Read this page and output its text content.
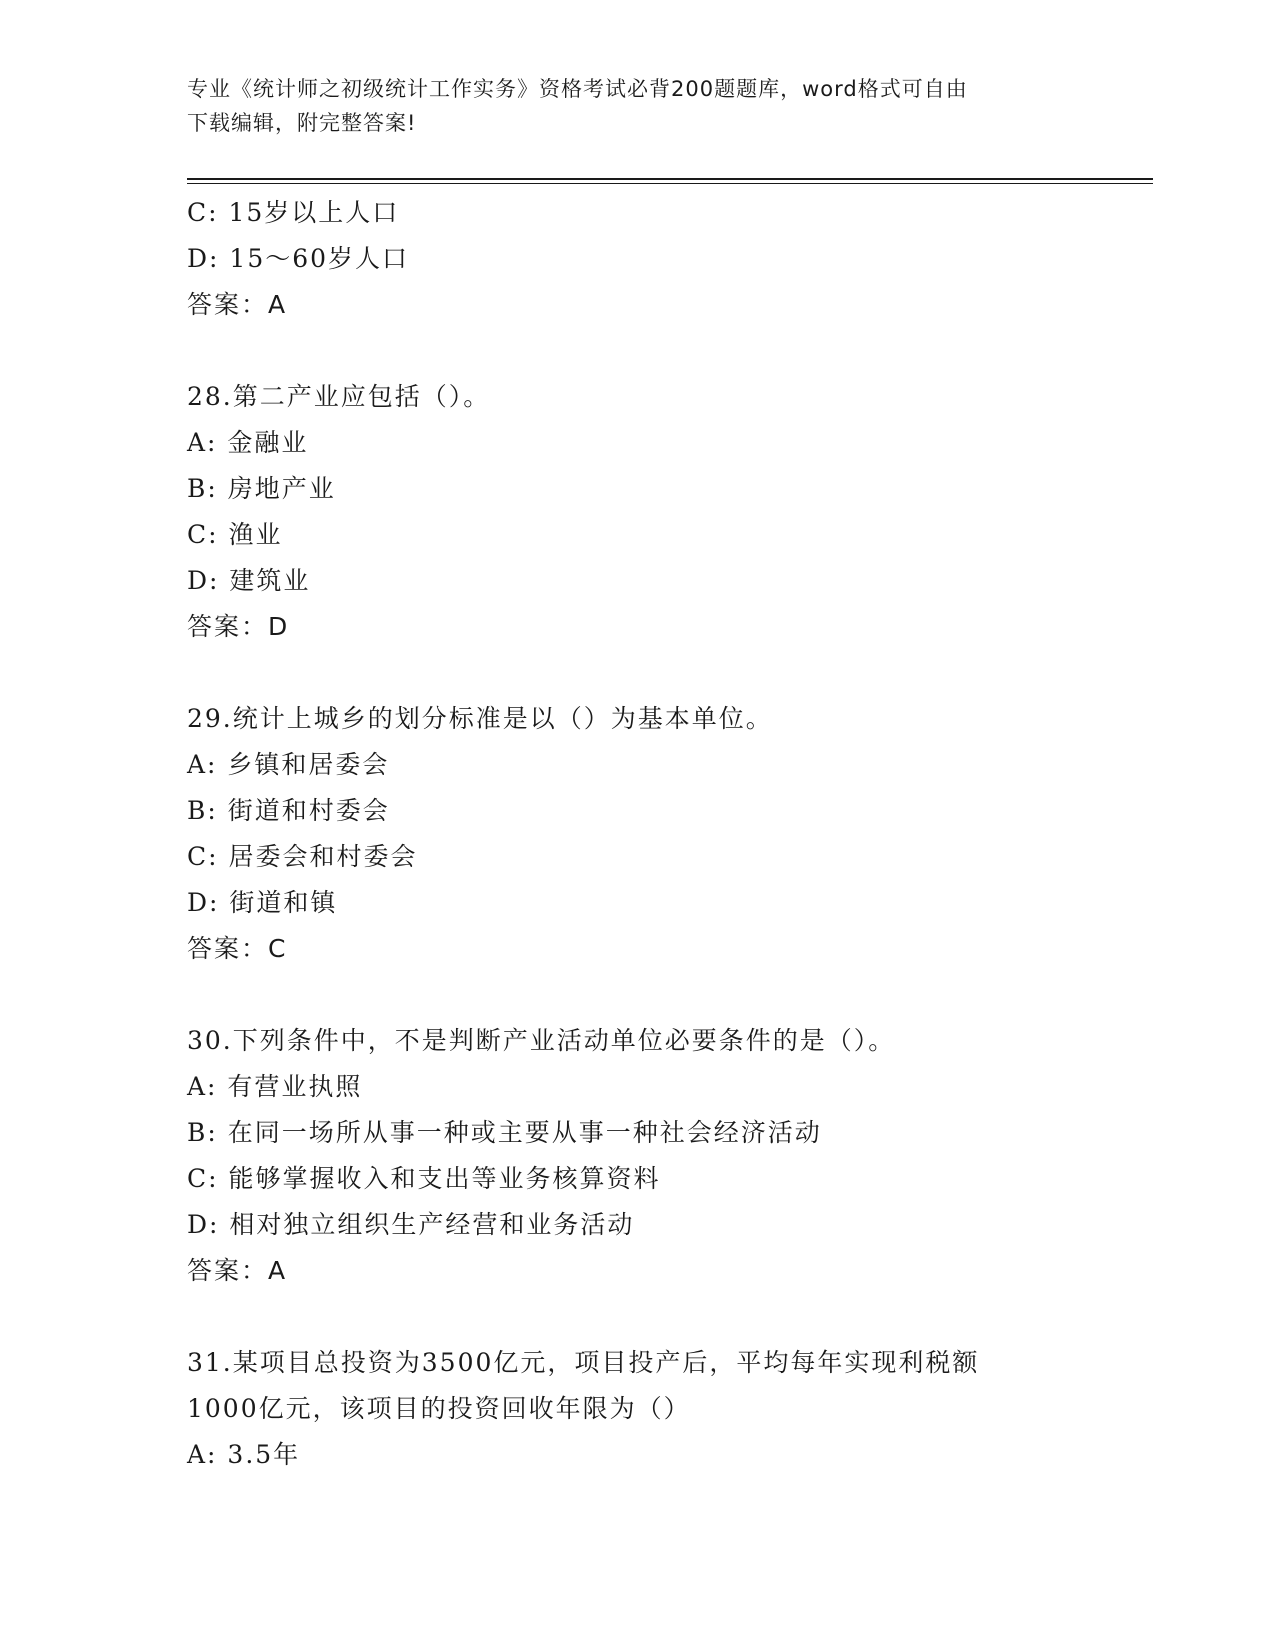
专业《统计师之初级统计工作实务》资格考试必背200题题库，word格式可自由

下载编辑，附完整答案!

C: 15岁以上人口
D: 15～60岁人口
答案：A
28.第二产业应包括（）。
A: 金融业
B: 房地产业
C: 渔业
D: 建筑业
答案：D
29.统计上城乡的划分标准是以（）为基本单位。
A: 乡镇和居委会
B: 街道和村委会
C: 居委会和村委会
D: 街道和镇
答案：C
30.下列条件中，不是判断产业活动单位必要条件的是（）。
A: 有营业执照
B: 在同一场所从事一种或主要从事一种社会经济活动
C: 能够掌握收入和支出等业务核算资料
D: 相对独立组织生产经营和业务活动
答案：A
31.某项目总投资为3500亿元，项目投产后，平均每年实现利税额
1000亿元，该项目的投资回收年限为（）
A: 3.5年
